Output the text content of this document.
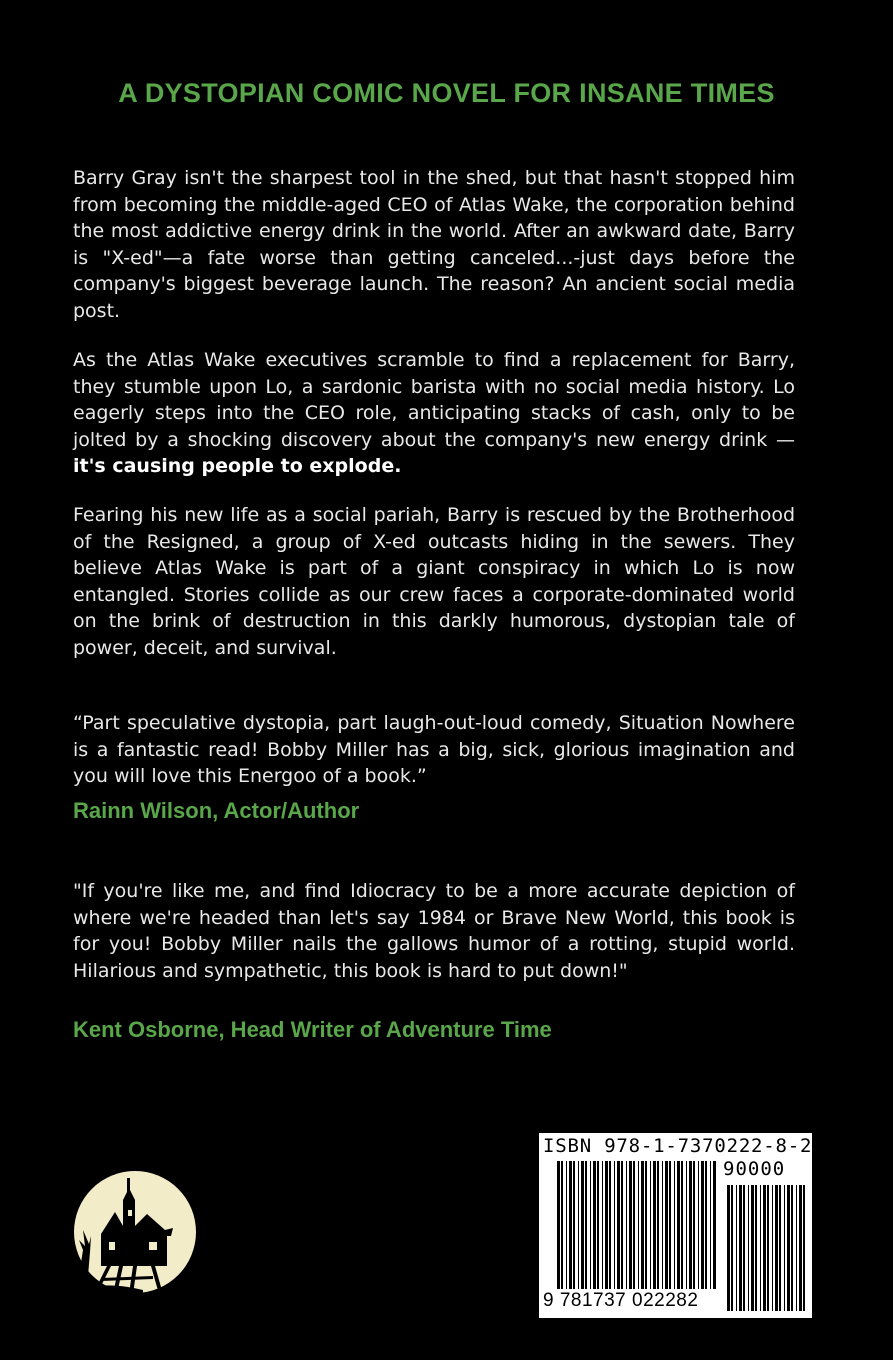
A DYSTOPIAN COMIC NOVEL FOR INSANE TIMES

Barry Gray isn't the sharpest tool in the shed, but that hasn't stopped him from becoming the middle-aged CEO of Atlas Wake, the corporation behind the most addictive energy drink in the world. After an awkward date, Barry is "X-ed"—a fate worse than getting canceled...-just days before the company's biggest beverage launch. The reason? An ancient social media post.

As the Atlas Wake executives scramble to find a replacement for Barry, they stumble upon Lo, a sardonic barista with no social media history. Lo eagerly steps into the CEO role, anticipating stacks of cash, only to be jolted by a shocking discovery about the company's new energy drink — it's causing people to explode.

Fearing his new life as a social pariah, Barry is rescued by the Brotherhood of the Resigned, a group of X-ed outcasts hiding in the sewers. They believe Atlas Wake is part of a giant conspiracy in which Lo is now entangled. Stories collide as our crew faces a corporate-dominated world on the brink of destruction in this darkly humorous, dystopian tale of power, deceit, and survival.

“Part speculative dystopia, part laugh-out-loud comedy, Situation Nowhere is a fantastic read! Bobby Miller has a big, sick, glorious imagination and you will love this Energoo of a book.”

Rainn Wilson, Actor/Author

"If you're like me, and find Idiocracy to be a more accurate depiction of where we're headed than let's say 1984 or Brave New World, this book is for you! Bobby Miller nails the gallows humor of a rotting, stupid world. Hilarious and sympathetic, this book is hard to put down!"

Kent Osborne, Head Writer of Adventure Time
ISBN 978-1-7370222-8-2
90000
9 781737 022282
